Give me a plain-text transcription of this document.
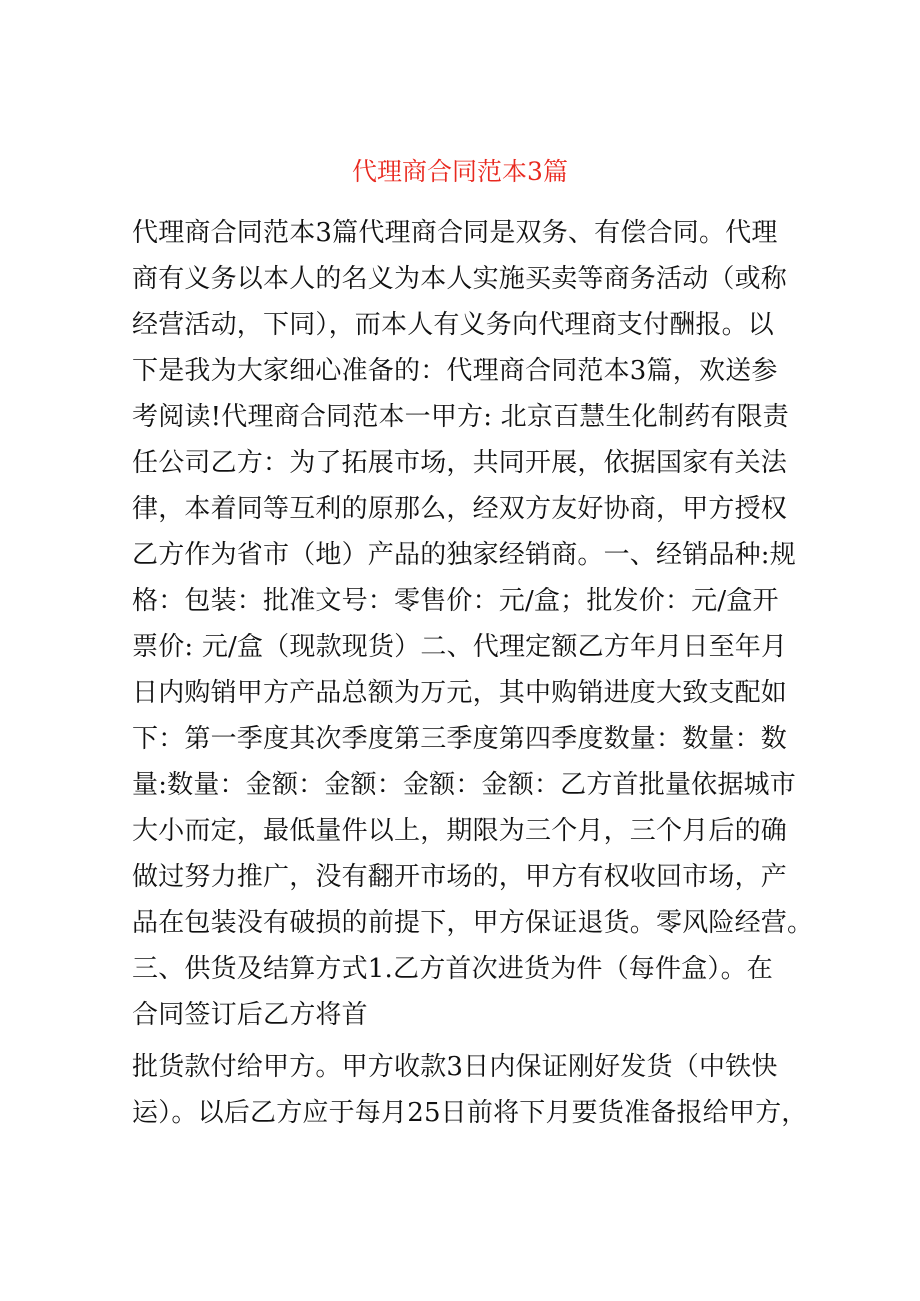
代理商合同范本3篇
代理商合同范本3篇代理商合同是双务、有偿合同。代理
商有义务以本人的名义为本人实施买卖等商务活动（或称
经营活动，下同），而本人有义务向代理商支付酬报。以
下是我为大家细心准备的：代理商合同范本3篇，欢送参
考阅读!代理商合同范本一甲方: 北京百慧生化制药有限责
任公司乙方：为了拓展市场，共同开展，依据国家有关法
律，本着同等互利的原那么，经双方友好协商，甲方授权
乙方作为省市（地）产品的独家经销商。一、经销品种:规
格：包装：批准文号：零售价：元/盒；批发价：元/盒开
票价: 元/盒（现款现货）二、代理定额乙方年月日至年月
日内购销甲方产品总额为万元，其中购销进度大致支配如
下：第一季度其次季度第三季度第四季度数量：数量：数
量:数量：金额：金额：金额：金额：乙方首批量依据城市
大小而定，最低量件以上，期限为三个月，三个月后的确
做过努力推广，没有翻开市场的，甲方有权收回市场，产
品在包装没有破损的前提下，甲方保证退货。零风险经营。
三、供货及结算方式1.乙方首次进货为件（每件盒）。在
合同签订后乙方将首
批货款付给甲方。甲方收款3日内保证刚好发货（中铁快
运）。以后乙方应于每月25日前将下月要货准备报给甲方，
